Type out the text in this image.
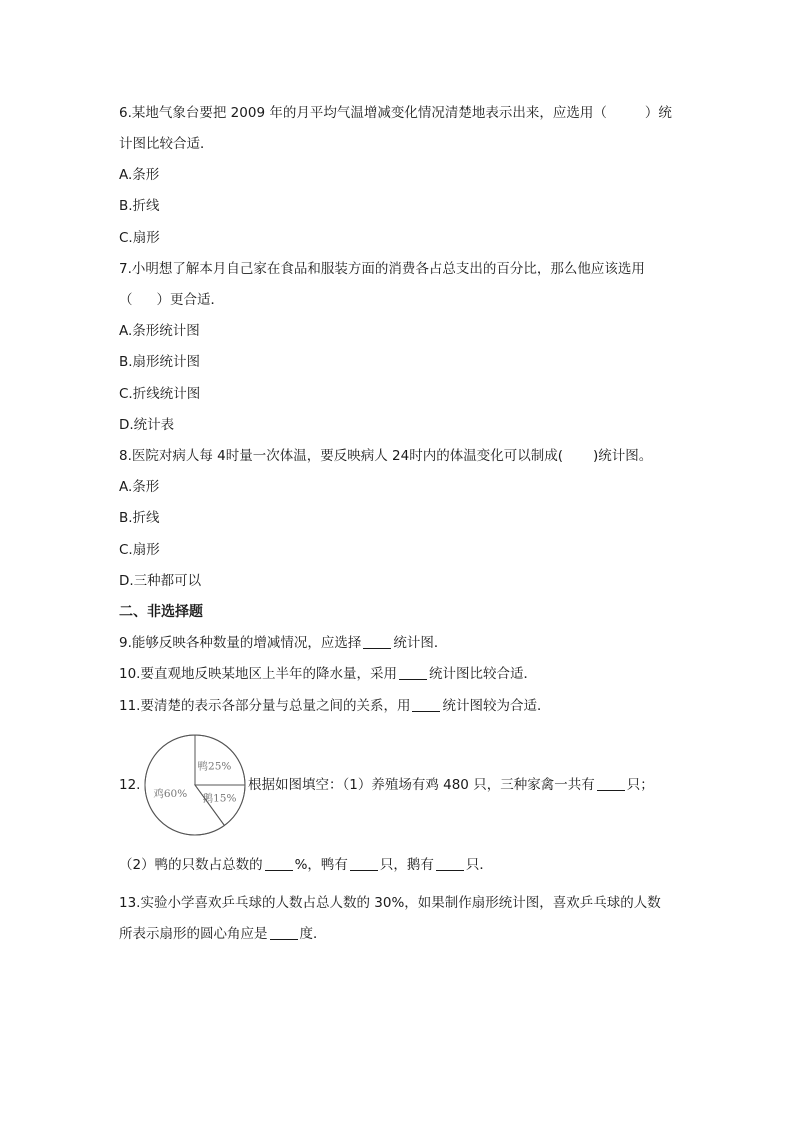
6.某地气象台要把 2009 年的月平均气温增减变化情况清楚地表示出来，应选用（	）统
计图比较合适．
A.条形
B.折线
C.扇形
7.小明想了解本月自己家在食品和服装方面的消费各占总支出的百分比，那么他应该选用
（ ）更合适．
A.条形统计图
B.扇形统计图
C.折线统计图
D.统计表
8.医院对病人每 4时量一次体温，要反映病人 24时内的体温变化可以制成( )统计图。
A.条形
B.折线
C.扇形
D.三种都可以
二、非选择题
9.能够反映各种数量的增减情况，应选择 统计图．
10.要直观地反映某地区上半年的降水量，采用 统计图比较合适．
11.要清楚的表示各部分量与总量之间的关系，用 统计图较为合适．
12.
鸭25%
鹅15%
鸡60%
根据如图填空：（1）养殖场有鸡 480 只，三种家禽一共有 只；
（2）鸭的只数占总数的 %，鸭有 只，鹅有 只．
13.实验小学喜欢乒乓球的人数占总人数的 30%，如果制作扇形统计图，喜欢乒乓球的人数
所表示扇形的圆心角应是 度．
